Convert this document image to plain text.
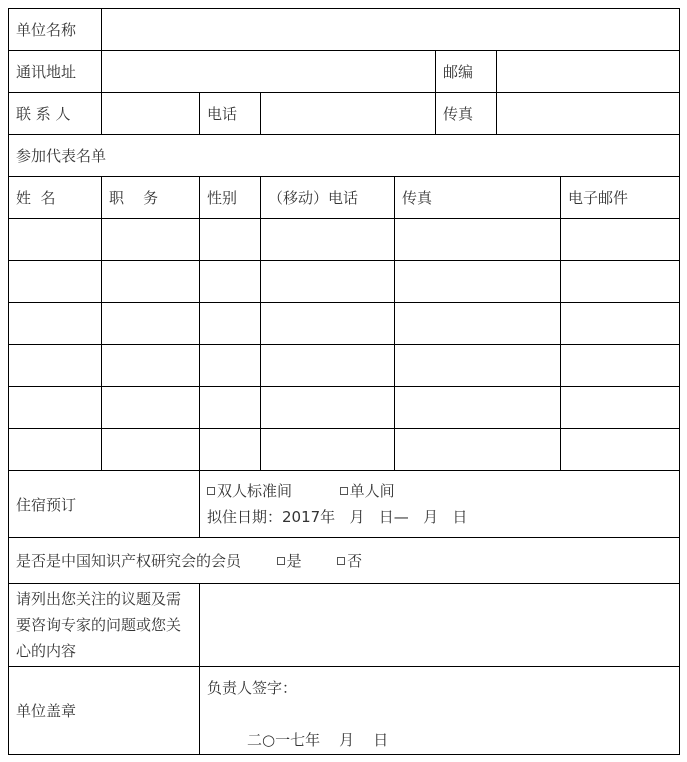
单位名称							
通讯地址					邮编		
联 系 人		电话			传真		
参加代表名单							
姓  名	职    务	性别	（移动）电话	传真			电子邮件

住宿预订		双人标准间 单人间
拟住日期：2017年   月   日—   月   日					

是否是中国知识产权研究会的会员 是 否							
请列出您关注的议题及需要咨询专家的问题或您关心的内容							
单位盖章		负责人签字：
二○一七年    月    日					
